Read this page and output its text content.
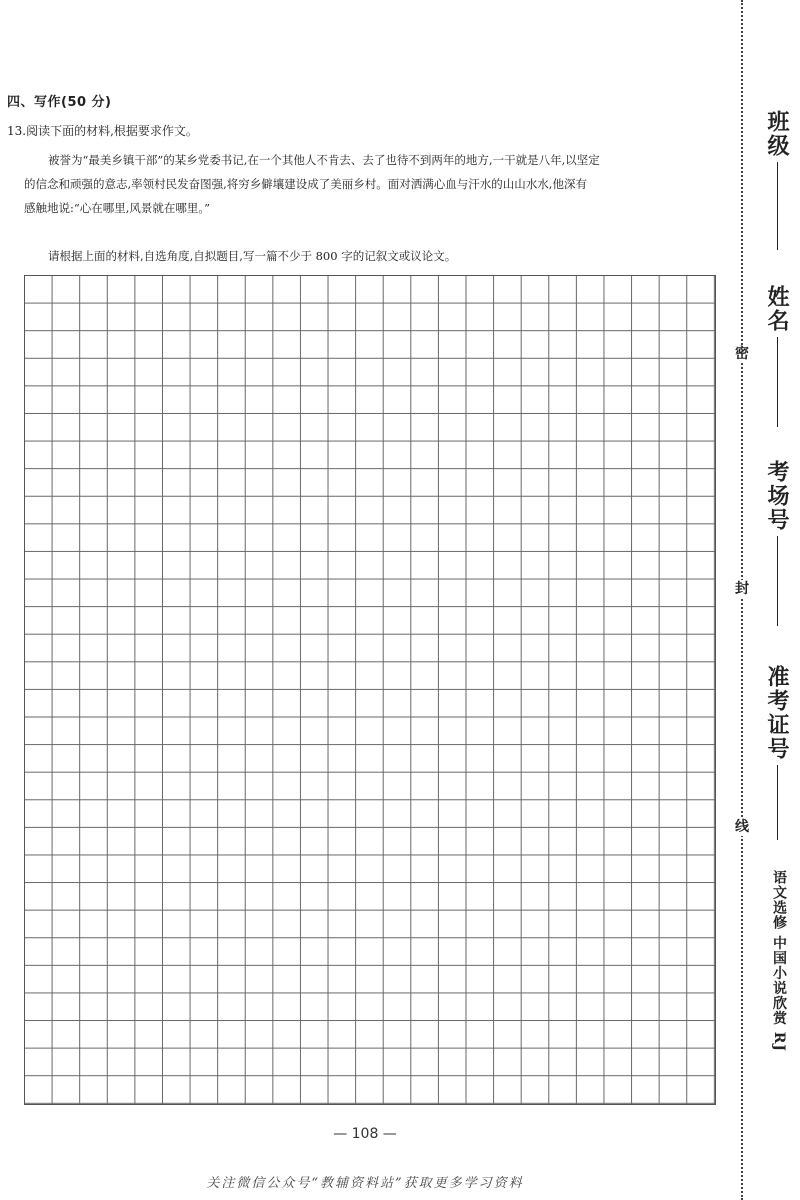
四、写作(50 分)
13.阅读下面的材料,根据要求作文。
被誉为“最美乡镇干部”的某乡党委书记,在一个其他人不肯去、去了也待不到两年的地方,一干就是八年,以坚定
的信念和顽强的意志,率领村民发奋图强,将穷乡僻壤建设成了美丽乡村。面对洒满心血与汗水的山山水水,他深有
感触地说:“心在哪里,风景就在哪里。”
请根据上面的材料,自选角度,自拟题目,写一篇不少于 800 字的记叙文或议论文。
— 108 —
关注微信公众号“教辅资料站”获取更多学习资料
密
封
线
班级
姓名
考场号
准考证号
语文选修 中国小说欣赏 RJ
